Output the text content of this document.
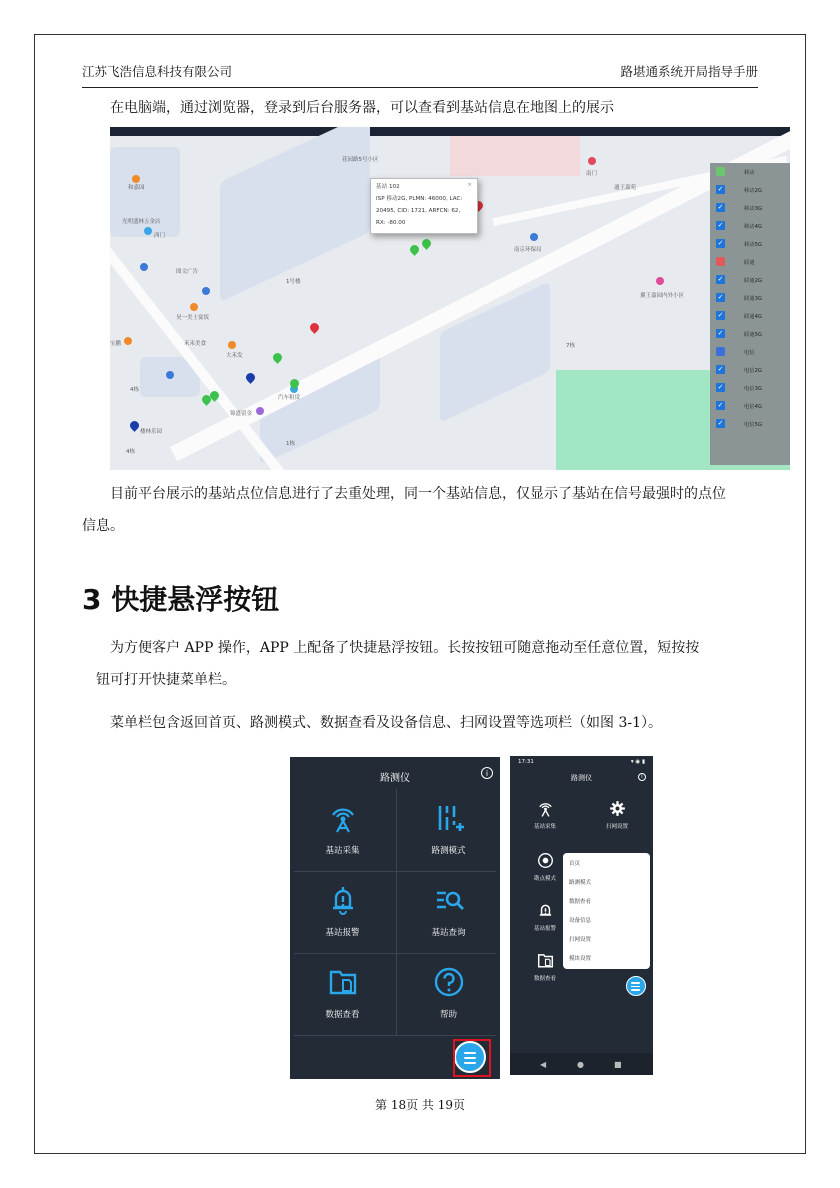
江苏飞浩信息科技有限公司	路堪通系统开局指导手册
在电脑端，通过浏览器，登录到后台服务器，可以查看到基站信息在地图上的展示
和嘉园
光明盛林五金店
西门
图文广告
昊一美士宴饭
禾禾美食
大禾发
宝鹏
4栋
锦盛留金
楼林乐园
汽车租赁
南京环保局
南门
通王嘉苑
翼王嘉园内外小区
花园路5号小区
7栋
1号楼
1栋
4栋
×

基站 102

ISP 移动2G, PLMN: 46000, LAC:

20495, CID: 1721, ARFCN: 62,

RX: -80.00

移动
✓	移动2G
✓	移动3G
✓	移动4G
✓	移动5G
联通
✓	联通2G
✓	联通3G
✓	联通4G
✓	联通5G
电信
✓	电信2G
✓	电信3G
✓	电信4G
✓	电信5G
目前平台展示的基站点位信息进行了去重处理，同一个基站信息，仅显示了基站在信号最强时的点位
信息。
3 快捷悬浮按钮
为方便客户 APP 操作，APP 上配备了快捷悬浮按钮。长按按钮可随意拖动至任意位置，短按按
钮可打开快捷菜单栏。
菜单栏包含返回首页、路测模式、数据查看及设备信息、扫网设置等选项栏（如图 3-1）。
路测仪	i
基站采集	路测模式
基站报警	基站查询
数据查看	帮助
17:31	▾ ◉ ▮
路测仪	i
基站采集	扫网设置
勘点模式
基站报警
数据查看
首页
路测模式
数据查看
设备信息
扫网设置
模块设置
◀	●	■
第 18页 共 19页
